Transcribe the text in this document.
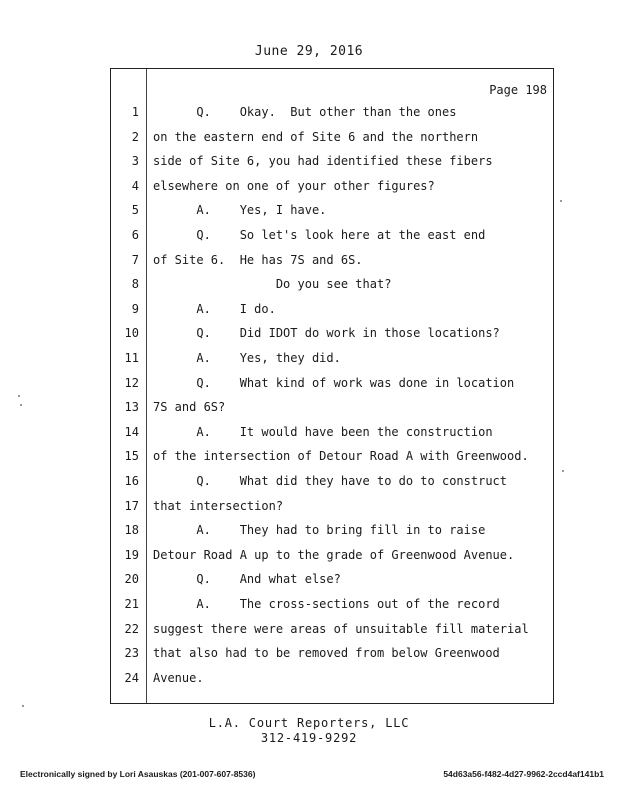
June 29, 2016
Page 198
1 Q.    Okay.  But other than the ones
2 on the eastern end of Site 6 and the northern
3 side of Site 6, you had identified these fibers
4 elsewhere on one of your other figures?
5 A.    Yes, I have.
6 Q.    So let's look here at the east end
7 of Site 6.  He has 7S and 6S.
8 Do you see that?
9 A.    I do.
10 Q.    Did IDOT do work in those locations?
11 A.    Yes, they did.
12 Q.    What kind of work was done in location
13 7S and 6S?
14 A.    It would have been the construction
15 of the intersection of Detour Road A with Greenwood.
16 Q.    What did they have to do to construct
17 that intersection?
18 A.    They had to bring fill in to raise
19 Detour Road A up to the grade of Greenwood Avenue.
20 Q.    And what else?
21 A.    The cross-sections out of the record
22 suggest there were areas of unsuitable fill material
23 that also had to be removed from below Greenwood
24 Avenue.
L.A. Court Reporters, LLC
312-419-9292
Electronically signed by Lori Asauskas (201-007-607-8536)	54d63a56-f482-4d27-9962-2ccd4af141b1
